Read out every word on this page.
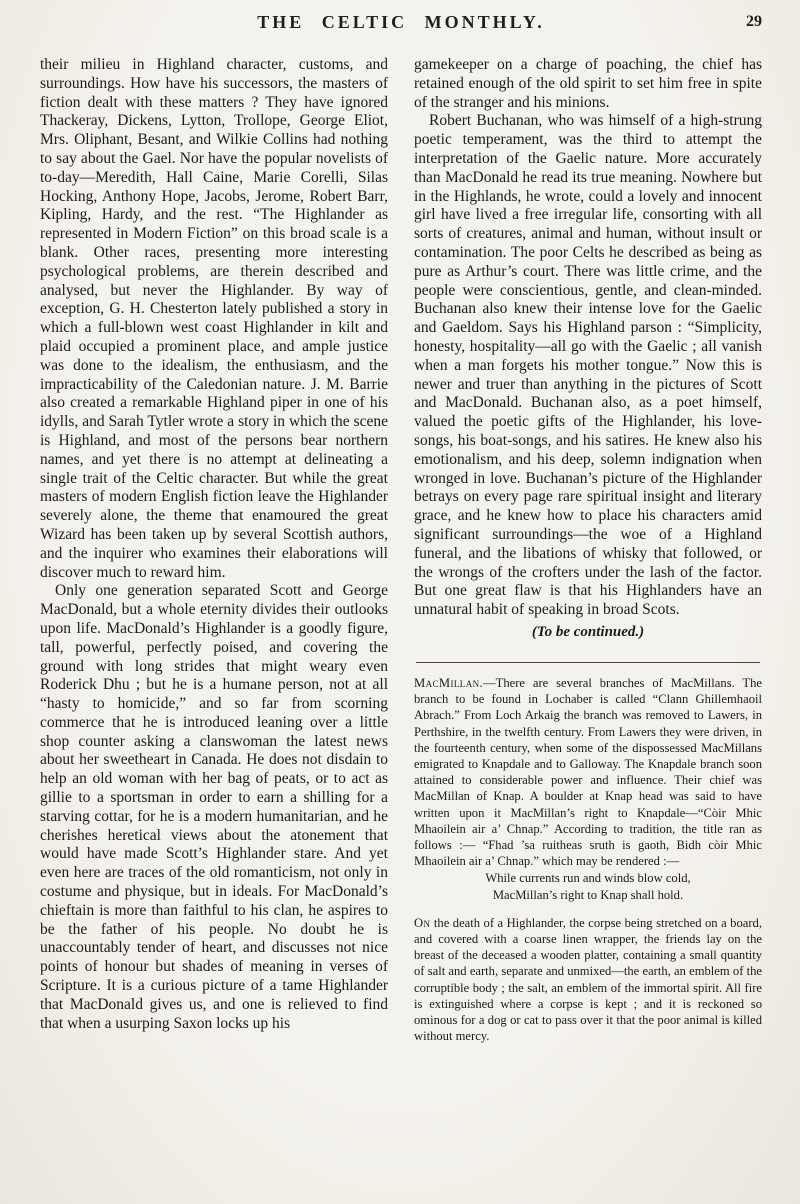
THE CELTIC MONTHLY.	29

their milieu in Highland character, customs, and surroundings. How have his successors, the masters of fiction dealt with these matters ? They have ignored Thackeray, Dickens, Lytton, Trollope, George Eliot, Mrs. Oliphant, Besant, and Wilkie Collins had nothing to say about the Gael. Nor have the popular novelists of to-day—Meredith, Hall Caine, Marie Corelli, Silas Hocking, Anthony Hope, Jacobs, Jerome, Robert Barr, Kipling, Hardy, and the rest. “The Highlander as represented in Modern Fiction” on this broad scale is a blank. Other races, presenting more interesting psychological problems, are therein described and analysed, but never the Highlander. By way of exception, G. H. Chesterton lately published a story in which a full-blown west coast Highlander in kilt and plaid occupied a prominent place, and ample justice was done to the idealism, the enthusiasm, and the impracticability of the Caledonian nature. J. M. Barrie also created a remarkable Highland piper in one of his idylls, and Sarah Tytler wrote a story in which the scene is Highland, and most of the persons bear northern names, and yet there is no attempt at delineating a single trait of the Celtic character. But while the great masters of modern English fiction leave the Highlander severely alone, the theme that enamoured the great Wizard has been taken up by several Scottish authors, and the inquirer who examines their elaborations will discover much to reward him.

Only one generation separated Scott and George MacDonald, but a whole eternity divides their outlooks upon life. MacDonald’s Highlander is a goodly figure, tall, powerful, perfectly poised, and covering the ground with long strides that might weary even Roderick Dhu ; but he is a humane person, not at all “hasty to homicide,” and so far from scorning commerce that he is introduced leaning over a little shop counter asking a clanswoman the latest news about her sweetheart in Canada. He does not disdain to help an old woman with her bag of peats, or to act as gillie to a sportsman in order to earn a shilling for a starving cottar, for he is a modern humanitarian, and he cherishes heretical views about the atonement that would have made Scott’s Highlander stare. And yet even here are traces of the old romanticism, not only in costume and physique, but in ideals. For MacDonald’s chieftain is more than faithful to his clan, he aspires to be the father of his people. No doubt he is unaccountably tender of heart, and discusses not nice points of honour but shades of meaning in verses of Scripture. It is a curious picture of a tame Highlander that MacDonald gives us, and one is relieved to find that when a usurping Saxon locks up his

gamekeeper on a charge of poaching, the chief has retained enough of the old spirit to set him free in spite of the stranger and his minions.

Robert Buchanan, who was himself of a high-strung poetic temperament, was the third to attempt the interpretation of the Gaelic nature. More accurately than MacDonald he read its true meaning. Nowhere but in the Highlands, he wrote, could a lovely and innocent girl have lived a free irregular life, consorting with all sorts of creatures, animal and human, without insult or contamination. The poor Celts he described as being as pure as Arthur’s court. There was little crime, and the people were conscientious, gentle, and clean-minded. Buchanan also knew their intense love for the Gaelic and Gaeldom. Says his Highland parson : “Simplicity, honesty, hospitality—all go with the Gaelic ; all vanish when a man forgets his mother tongue.” Now this is newer and truer than anything in the pictures of Scott and MacDonald. Buchanan also, as a poet himself, valued the poetic gifts of the Highlander, his love-songs, his boat-songs, and his satires. He knew also his emotionalism, and his deep, solemn indignation when wronged in love. Buchanan’s picture of the Highlander betrays on every page rare spiritual insight and literary grace, and he knew how to place his characters amid significant surroundings—the woe of a Highland funeral, and the libations of whisky that followed, or the wrongs of the crofters under the lash of the factor. But one great flaw is that his Highlanders have an unnatural habit of speaking in broad Scots.

(To be continued.)

MacMillan.—There are several branches of MacMillans. The branch to be found in Lochaber is called “Clann Ghillemhaoil Abrach.” From Loch Arkaig the branch was removed to Lawers, in Perthshire, in the twelfth century. From Lawers they were driven, in the fourteenth century, when some of the dispossessed MacMillans emigrated to Knapdale and to Galloway. The Knapdale branch soon attained to considerable power and influence. Their chief was MacMillan of Knap. A boulder at Knap head was said to have written upon it MacMillan’s right to Knapdale—“Còir Mhic Mhaoilein air a’ Chnap.” According to tradition, the title ran as follows :— “Fhad ’sa ruitheas sruth is gaoth, Bidh còir Mhic Mhaoilein air a’ Chnap.” which may be rendered :—

While currents run and winds blow cold,
MacMillan’s right to Knap shall hold.

On the death of a Highlander, the corpse being stretched on a board, and covered with a coarse linen wrapper, the friends lay on the breast of the deceased a wooden platter, containing a small quantity of salt and earth, separate and unmixed—the earth, an emblem of the corruptible body ; the salt, an emblem of the immortal spirit. All fire is extinguished where a corpse is kept ; and it is reckoned so ominous for a dog or cat to pass over it that the poor animal is killed without mercy.
